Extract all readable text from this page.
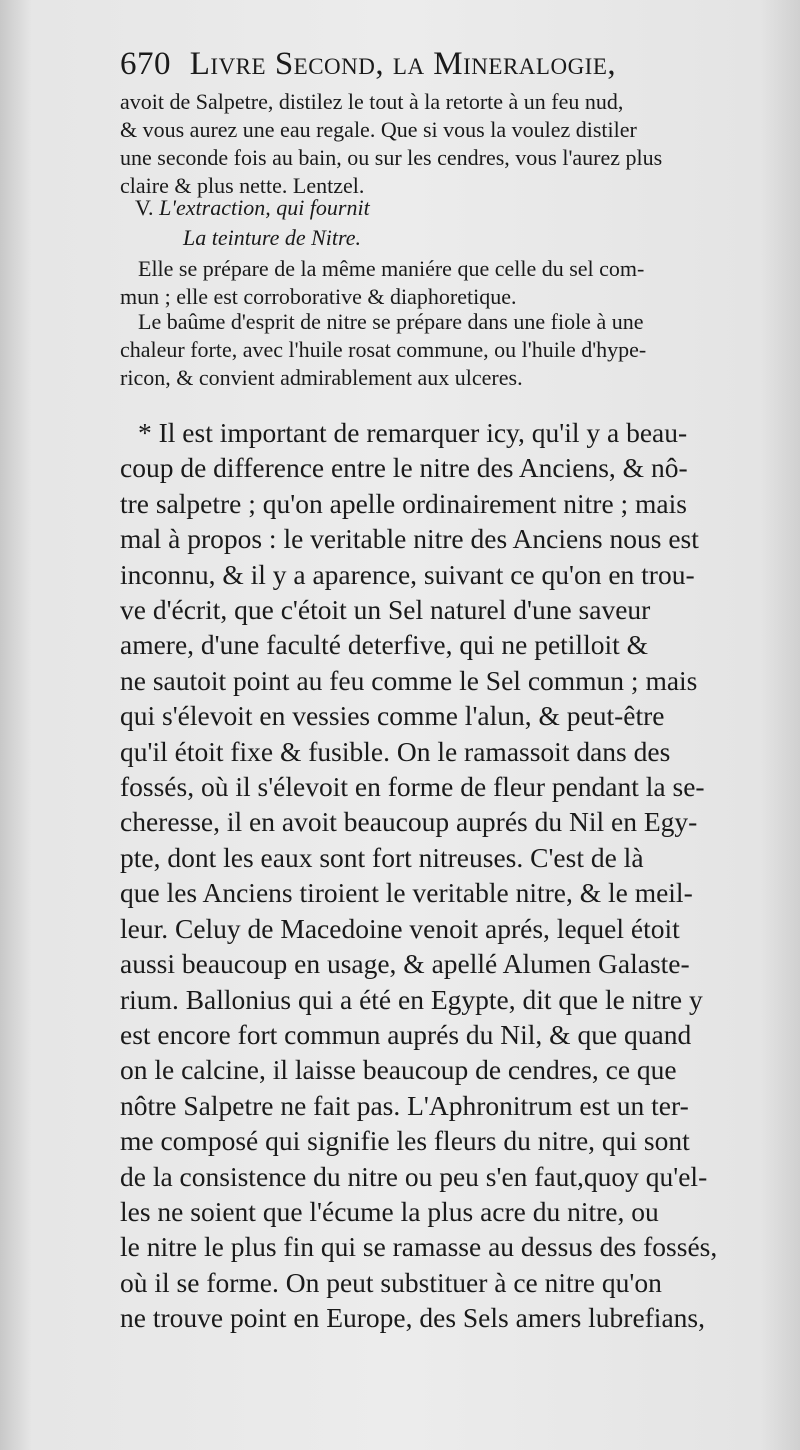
670 Livre Second, la Mineralogie,
avoit de Salpetre, distilez le tout à la retorte à un feu nud,
& vous aurez une eau regale. Que si vous la voulez distiler
une seconde fois au bain, ou sur les cendres, vous l'aurez plus
claire & plus nette. Lentzel.
V. L'extraction, qui fournit
La teinture de Nitre.
Elle se prépare de la même maniére que celle du sel com-
mun ; elle est corroborative & diaphoretique.
Le baûme d'esprit de nitre se prépare dans une fiole à une
chaleur forte, avec l'huile rosat commune, ou l'huile d'hype-
ricon, & convient admirablement aux ulceres.
* Il est important de remarquer icy, qu'il y a beau-
coup de difference entre le nitre des Anciens, & nô-
tre salpetre ; qu'on apelle ordinairement nitre ; mais
mal à propos : le veritable nitre des Anciens nous est
inconnu, & il y a aparence, suivant ce qu'on en trou-
ve d'écrit, que c'étoit un Sel naturel d'une saveur
amere, d'une faculté deterfive, qui ne petilloit &
ne sautoit point au feu comme le Sel commun ; mais
qui s'élevoit en vessies comme l'alun, & peut-être
qu'il étoit fixe & fusible. On le ramassoit dans des
fossés, où il s'élevoit en forme de fleur pendant la se-
cheresse, il en avoit beaucoup auprés du Nil en Egy-
pte, dont les eaux sont fort nitreuses. C'est de là
que les Anciens tiroient le veritable nitre, & le meil-
leur. Celuy de Macedoine venoit aprés, lequel étoit
aussi beaucoup en usage, & apellé Alumen Galaste-
rium. Ballonius qui a été en Egypte, dit que le nitre y
est encore fort commun auprés du Nil, & que quand
on le calcine, il laisse beaucoup de cendres, ce que
nôtre Salpetre ne fait pas. L'Aphronitrum est un ter-
me composé qui signifie les fleurs du nitre, qui sont
de la consistence du nitre ou peu s'en faut,quoy qu'el-
les ne soient que l'écume la plus acre du nitre, ou
le nitre le plus fin qui se ramasse au dessus des fossés,
où il se forme. On peut substituer à ce nitre qu'on
ne trouve point en Europe, des Sels amers lubrefians,
